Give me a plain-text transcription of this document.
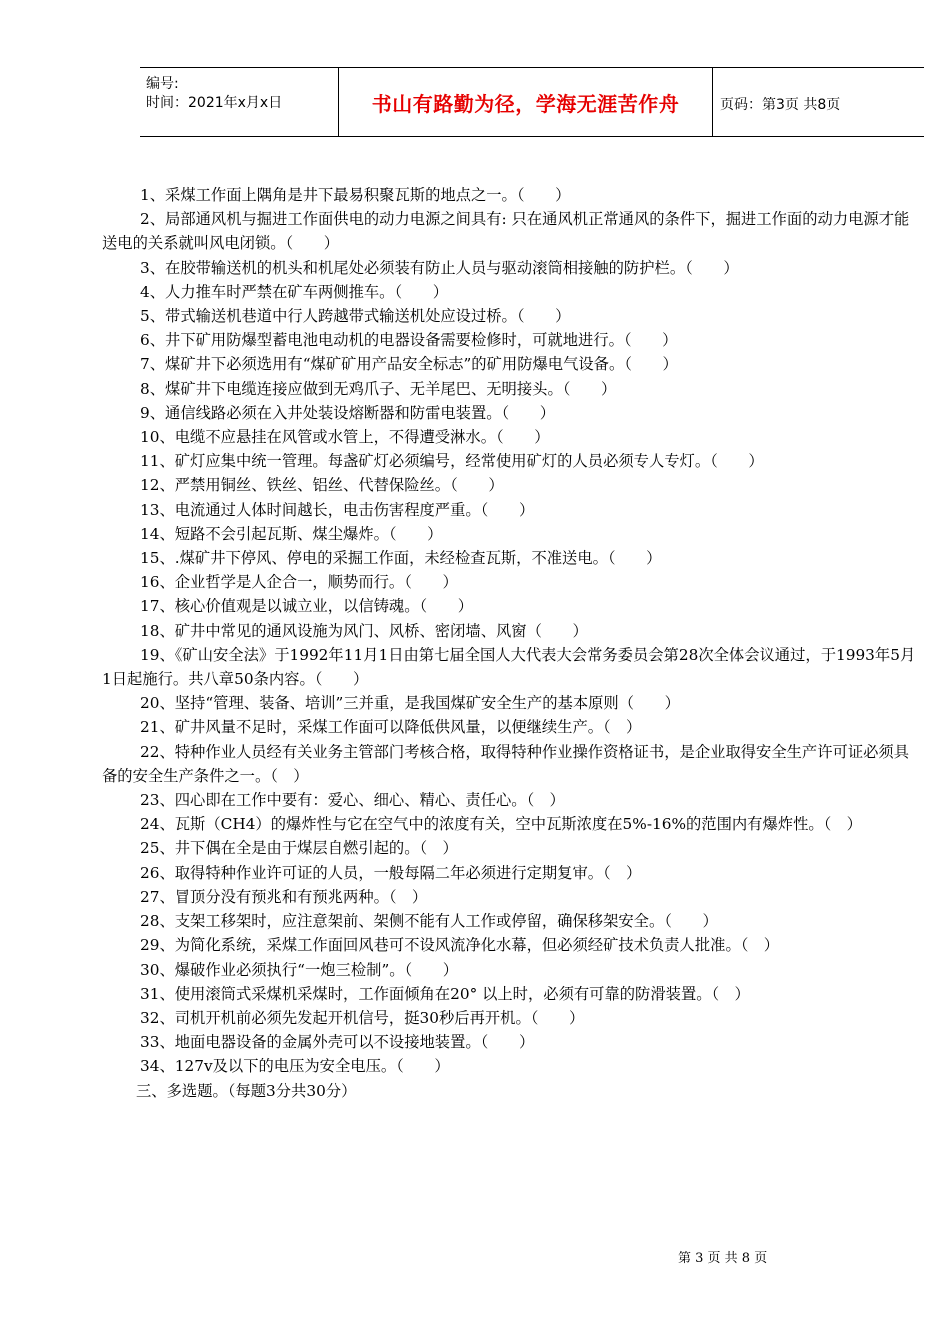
编号:
时间：2021年x月x日	书山有路勤为径，学海无涯苦作舟	页码：第3页 共8页
1、采煤工作面上隅角是井下最易积聚瓦斯的地点之一。（　　）
2、局部通风机与掘进工作面供电的动力电源之间具有: 只在通风机正常通风的条件下，掘进工作面的动力电源才能送电的关系就叫风电闭锁。（　　）
3、在胶带输送机的机头和机尾处必须装有防止人员与驱动滚筒相接触的防护栏。（　　）
4、人力推车时严禁在矿车两侧推车。（　　）
5、带式输送机巷道中行人跨越带式输送机处应设过桥。（　　）
6、井下矿用防爆型蓄电池电动机的电器设备需要检修时，可就地进行。（　　）
7、煤矿井下必须选用有“煤矿矿用产品安全标志”的矿用防爆电气设备。（　　）
8、煤矿井下电缆连接应做到无鸡爪子、无羊尾巴、无明接头。（　　）
9、通信线路必须在入井处装设熔断器和防雷电装置。（　　）
10、电缆不应悬挂在风管或水管上，不得遭受淋水。（　　）
11、矿灯应集中统一管理。每盏矿灯必须编号，经常使用矿灯的人员必须专人专灯。（　　）
12、严禁用铜丝、铁丝、铝丝、代替保险丝。（　　）
13、电流通过人体时间越长，电击伤害程度严重。（　　）
14、短路不会引起瓦斯、煤尘爆炸。（　　）
15、.煤矿井下停风、停电的采掘工作面，未经检查瓦斯，不准送电。（　　）
16、企业哲学是人企合一，顺势而行。（　　）
17、核心价值观是以诚立业，以信铸魂。（　　）
18、矿井中常见的通风设施为风门、风桥、密闭墙、风窗（　　）
19、《矿山安全法》于1992年11月1日由第七届全国人大代表大会常务委员会第28次全体会议通过，于1993年5月1日起施行。共八章50条内容。（　　）
20、坚持“管理、装备、培训”三并重，是我国煤矿安全生产的基本原则（　　）
21、矿井风量不足时，采煤工作面可以降低供风量，以便继续生产。（　）
22、特种作业人员经有关业务主管部门考核合格，取得特种作业操作资格证书，是企业取得安全生产许可证必须具备的安全生产条件之一。（　）
23、四心即在工作中要有：爱心、细心、精心、责任心。（　）
24、瓦斯（CH4）的爆炸性与它在空气中的浓度有关，空中瓦斯浓度在5%-16%的范围内有爆炸性。（　）
25、井下偶在全是由于煤层自燃引起的。（　）
26、取得特种作业许可证的人员，一般每隔二年必须进行定期复审。（　）
27、冒顶分没有预兆和有预兆两种。（　）
28、支架工移架时，应注意架前、架侧不能有人工作或停留，确保移架安全。（　　）
29、为简化系统，采煤工作面回风巷可不设风流净化水幕，但必须经矿技术负责人批准。（　）
30、爆破作业必须执行“一炮三检制”。（　　）
31、使用滚筒式采煤机采煤时，工作面倾角在20° 以上时，必须有可靠的防滑装置。（　）
32、司机开机前必须先发起开机信号，挺30秒后再开机。（　　）
33、地面电器设备的金属外壳可以不设接地装置。（　　）
34、127v及以下的电压为安全电压。（　　）
三、多选题。（每题3分共30分）
第 3 页 共 8 页
